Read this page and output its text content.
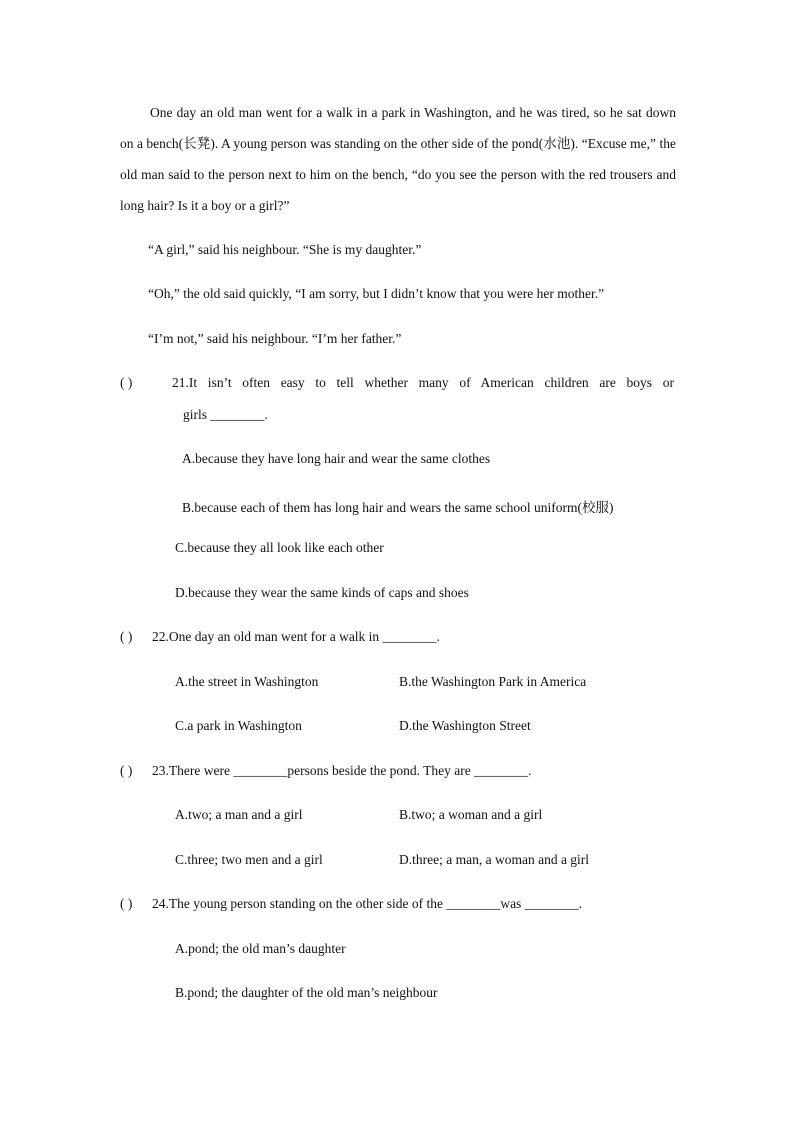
One day an old man went for a walk in a park in Washington, and he was tired, so he sat down on a bench(长凳). A young person was standing on the other side of the pond(水池). “Excuse me,” the old man said to the person next to him on the bench, “do you see the person with the red trousers and long hair? Is it a boy or a girl?”

“A girl,” said his neighbour. “She is my daughter.”

“Oh,” the old said quickly, “I am sorry, but I didn’t know that you were her mother.”

“I’m not,” said his neighbour. “I’m her father.”

( )	21.It isn’t often easy to tell whether many of American children are boys or
girls ________.
A.because they have long hair and wear the same clothes
B.because each of them has long hair and wears the same school uniform(校服)
C.because they all look like each other
D.because they wear the same kinds of caps and shoes
( ) 22.One day an old man went for a walk in ________.
A.the street in Washington	B.the Washington Park in America
C.a park in Washington	D.the Washington Street
( ) 23.There were ________persons beside the pond. They are ________.
A.two; a man and a girl	B.two; a woman and a girl
C.three; two men and a girl	D.three; a man, a woman and a girl
( ) 24.The young person standing on the other side of the ________was ________.
A.pond; the old man’s daughter
B.pond; the daughter of the old man’s neighbour
